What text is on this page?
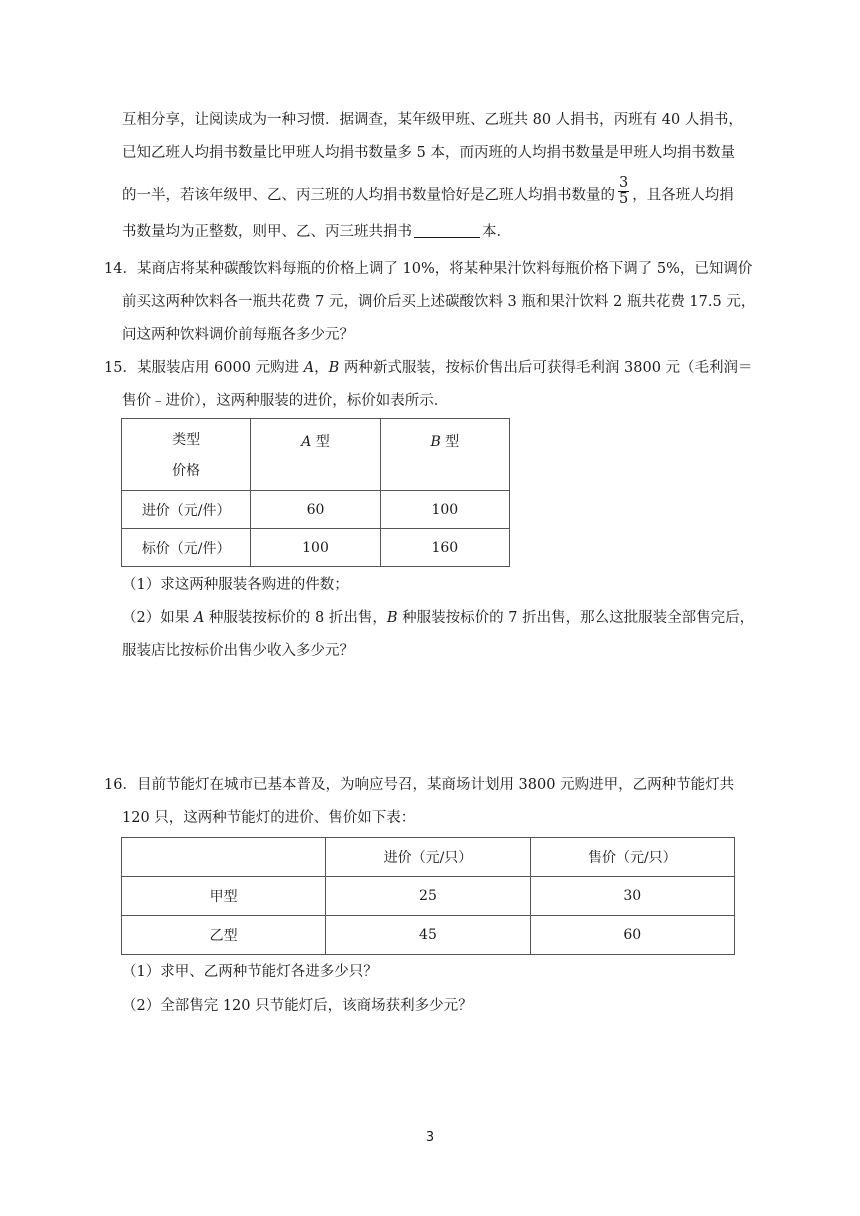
互相分享，让阅读成为一种习惯．据调查，某年级甲班、乙班共 80 人捐书，丙班有 40 人捐书，
已知乙班人均捐书数量比甲班人均捐书数量多 5 本，而丙班的人均捐书数量是甲班人均捐书数量
的一半，若该年级甲、乙、丙三班的人均捐书数量恰好是乙班人均捐书数量的 $\frac{3}{5}$ ，且各班人均捐
书数量均为正整数，则甲、乙、丙三班共捐书	本．
14．某商店将某种碳酸饮料每瓶的价格上调了 10%，将某种果汁饮料每瓶价格下调了 5%，已知调价
前买这两种饮料各一瓶共花费 7 元，调价后买上述碳酸饮料 3 瓶和果汁饮料 2 瓶共花费 17.5 元，
问这两种饮料调价前每瓶各多少元？
15．某服装店用 6000 元购进 A，B 两种新式服装，按标价售出后可获得毛利润 3800 元（毛利润＝
售价﹣进价），这两种服装的进价，标价如表所示．
类型
价格	A 型	B 型
进价（元/件）	60	100
标价（元/件）	100	160
（1）求这两种服装各购进的件数；
（2）如果 A 种服装按标价的 8 折出售，B 种服装按标价的 7 折出售，那么这批服装全部售完后，
服装店比按标价出售少收入多少元？
16．目前节能灯在城市已基本普及，为响应号召，某商场计划用 3800 元购进甲，乙两种节能灯共
120 只，这两种节能灯的进价、售价如下表：
	进价（元/只）	售价（元/只）
甲型	25	30
乙型	45	60
（1）求甲、乙两种节能灯各进多少只？
（2）全部售完 120 只节能灯后，该商场获利多少元？
3
